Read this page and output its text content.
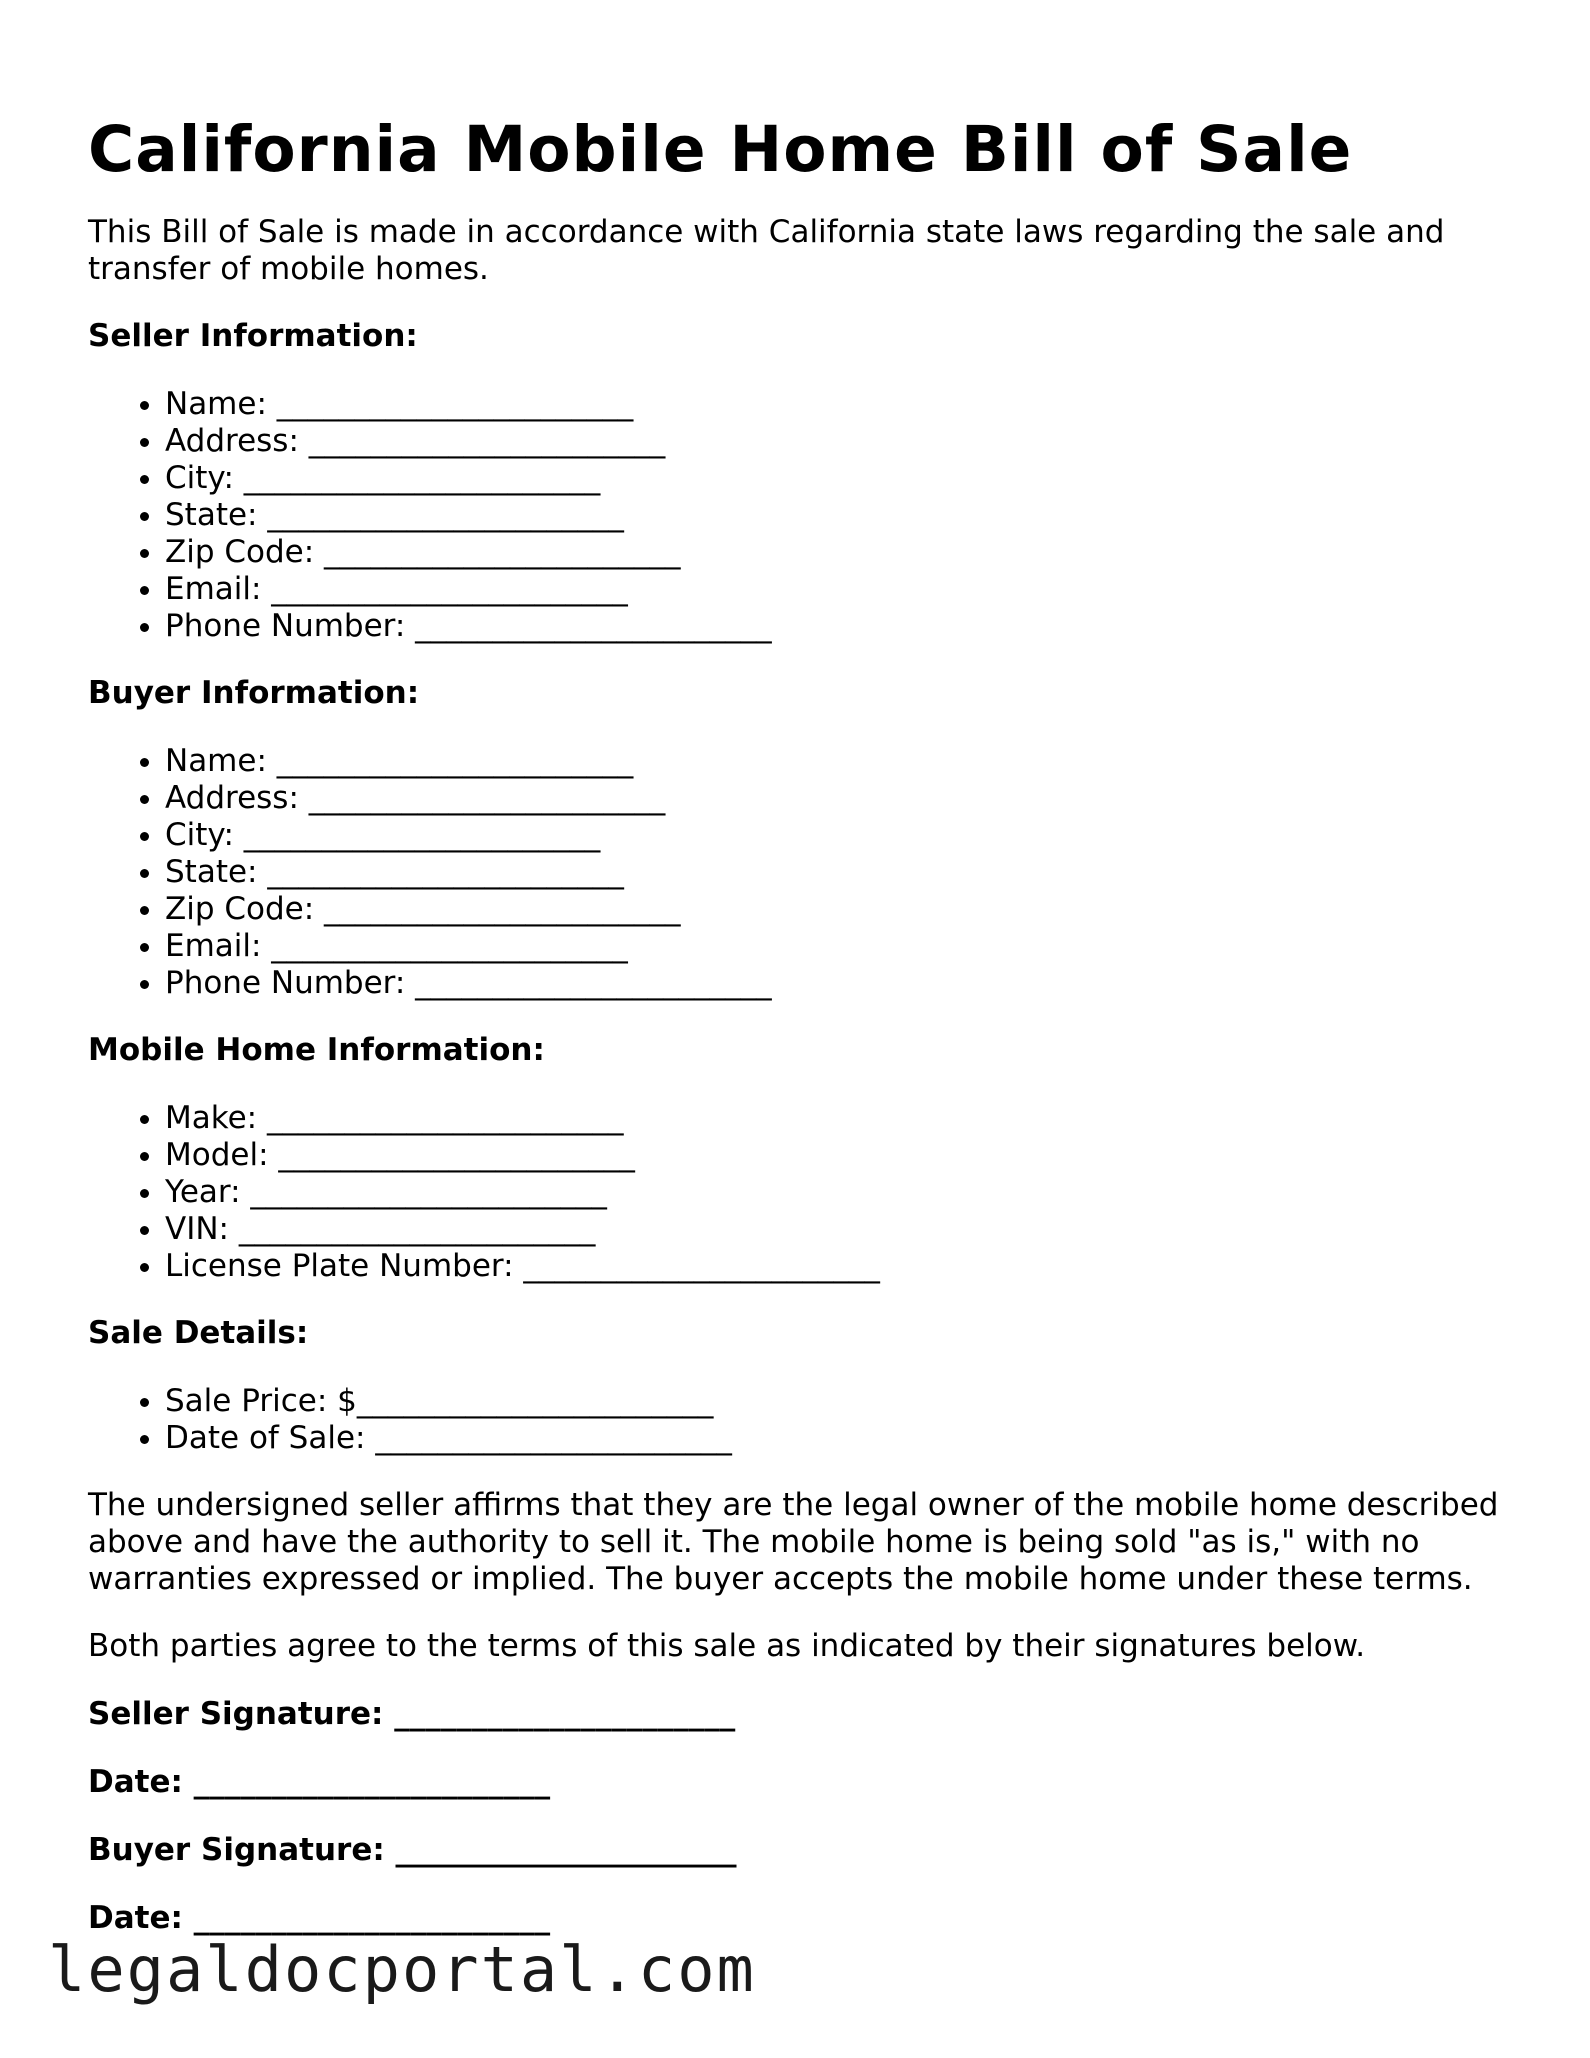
California Mobile Home Bill of Sale

This Bill of Sale is made in accordance with California state laws regarding the sale and transfer of mobile homes.

Seller Information:

• Name: _______________________
• Address: _______________________
• City: _______________________
• State: _______________________
• Zip Code: _______________________
• Email: _______________________
• Phone Number: _______________________

Buyer Information:

• Name: _______________________
• Address: _______________________
• City: _______________________
• State: _______________________
• Zip Code: _______________________
• Email: _______________________
• Phone Number: _______________________

Mobile Home Information:

• Make: _______________________
• Model: _______________________
• Year: _______________________
• VIN: _______________________
• License Plate Number: _______________________

Sale Details:

• Sale Price: $_______________________
• Date of Sale: _______________________

The undersigned seller affirms that they are the legal owner of the mobile home described above and have the authority to sell it. The mobile home is being sold "as is," with no warranties expressed or implied. The buyer accepts the mobile home under these terms.

Both parties agree to the terms of this sale as indicated by their signatures below.

Seller Signature: ______________________

Date: _______________________

Buyer Signature: ______________________

Date: _______________________

legaldocportal.com
